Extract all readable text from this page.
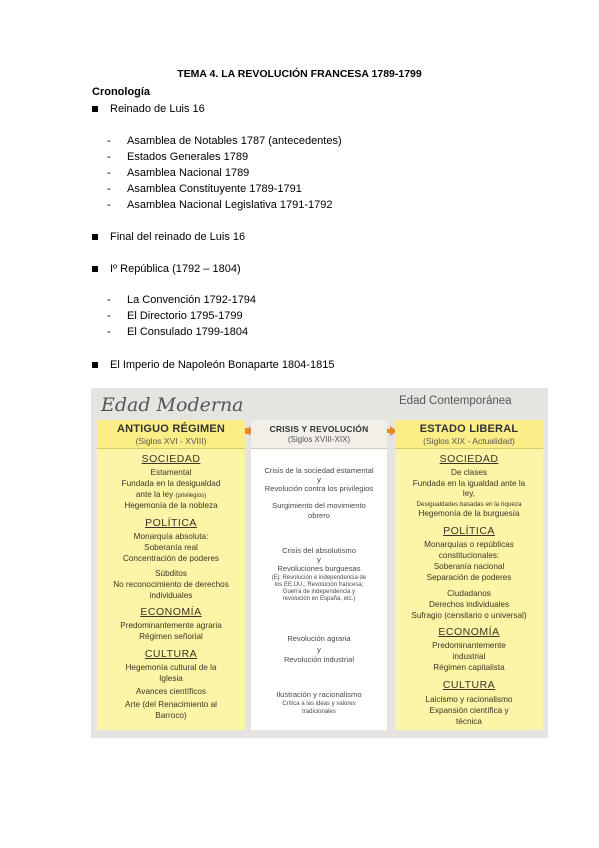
TEMA 4. LA REVOLUCIÓN FRANCESA 1789-1799
Cronología
Reinado de Luis 16
-	Asamblea de Notables 1787 (antecedentes)
-	Estados Generales 1789
-	Asamblea Nacional 1789
-	Asamblea Constituyente 1789-1791
-	Asamblea Nacional Legislativa 1791-1792
Final del reinado de Luis 16
Iº República (1792 – 1804)
-	La Convención 1792-1794
-	El Directorio 1795-1799
-	El Consulado 1799-1804
El Imperio de Napoleón Bonaparte 1804-1815
Edad Moderna	Edad Contemporánea
ANTIGUO RÉGIMEN
(Siglos XVI - XVIII)
SOCIEDAD
Estamental
Fundada en la desigualdad
ante la ley (privilegios)
Hegemonía de la nobleza
POLÍTICA
Monarquía absoluta:
Soberanía real
Concentración de poderes
Súbditos
No reconocimiento de derechos
individuales
ECONOMÍA
Predominantemente agraria
Régimen señorial
CULTURA
Hegemonía cultural de la
Iglesia
Avances científicos
Arte (del Renacimiento al
Barroco)
CRISIS Y REVOLUCIÓN
(Siglos XVIII-XIX)
Crisis de la sociedad estamental
y
Revolución contra los privilegios
Surgimiento del movimiento
obrero
Crisis del absolutismo
y
Revoluciones burguesas
(Ej: Revolución e independencia de
los EE.UU.; Revolución francesa;
Guerra de independencia y
revolución en España, etc.)
Revolución agraria
y
Revolución industrial
Ilustración y racionalismo
Crítica a las ideas y valores
tradicionales
ESTADO LIBERAL
(Siglos XIX - Actualidad)
SOCIEDAD
De clases
Fundada en la igualdad ante la
ley,
Desigualdades basadas en la riqueza
Hegemonía de la burguesía
POLÍTICA
Monarquías o repúblicas
constitucionales:
Soberanía nacional
Separación de poderes
Ciudadanos
Derechos individuales
Sufragio (censitario o universal)
ECONOMÍA
Predominantemente
industrial
Régimen capitalista
CULTURA
Laicismo y racionalismo
Expansión científica y
técnica
